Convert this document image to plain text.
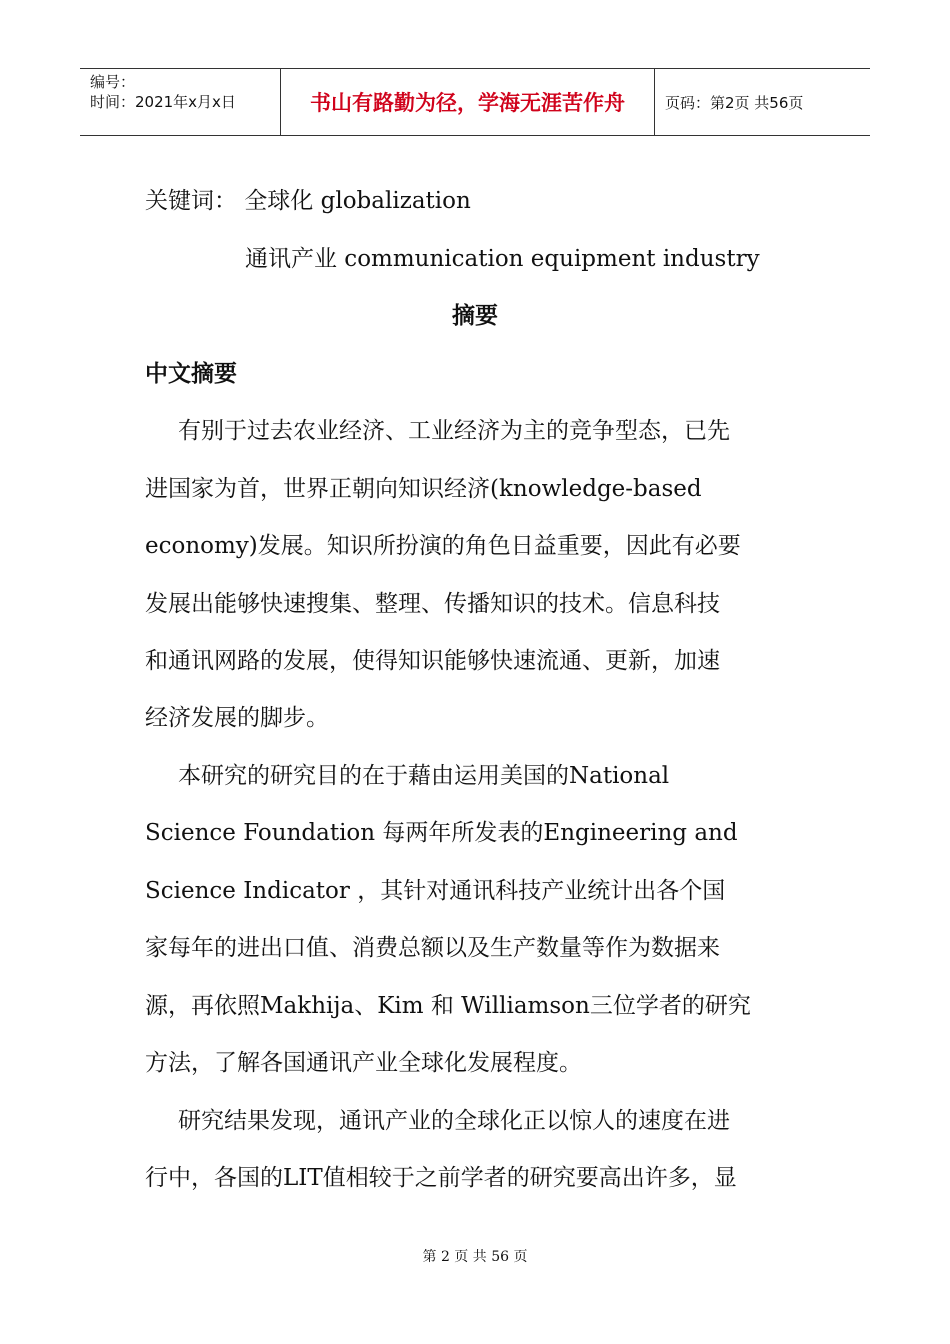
编号：
时间：2021年x月x日	书山有路勤为径，学海无涯苦作舟	页码：第2页 共56页
关键词： 全球化 globalization
通讯产业 communication equipment industry
摘要
中文摘要
有别于过去农业经济、工业经济为主的竞争型态，已先
进国家为首，世界正朝向知识经济(knowledge-based
economy)发展。知识所扮演的角色日益重要，因此有必要
发展出能够快速搜集、整理、传播知识的技术。信息科技
和通讯网路的发展，使得知识能够快速流通、更新，加速
经济发展的脚步。
本研究的研究目的在于藉由运用美国的National
Science Foundation 每两年所发表的Engineering and
Science Indicator ，其针对通讯科技产业统计出各个国
家每年的进出口值、消费总额以及生产数量等作为数据来
源，再依照Makhija、Kim 和 Williamson三位学者的研究
方法，了解各国通讯产业全球化发展程度。
研究结果发现，通讯产业的全球化正以惊人的速度在进
行中，各国的LIT值相较于之前学者的研究要高出许多，显
第 2 页 共 56 页
